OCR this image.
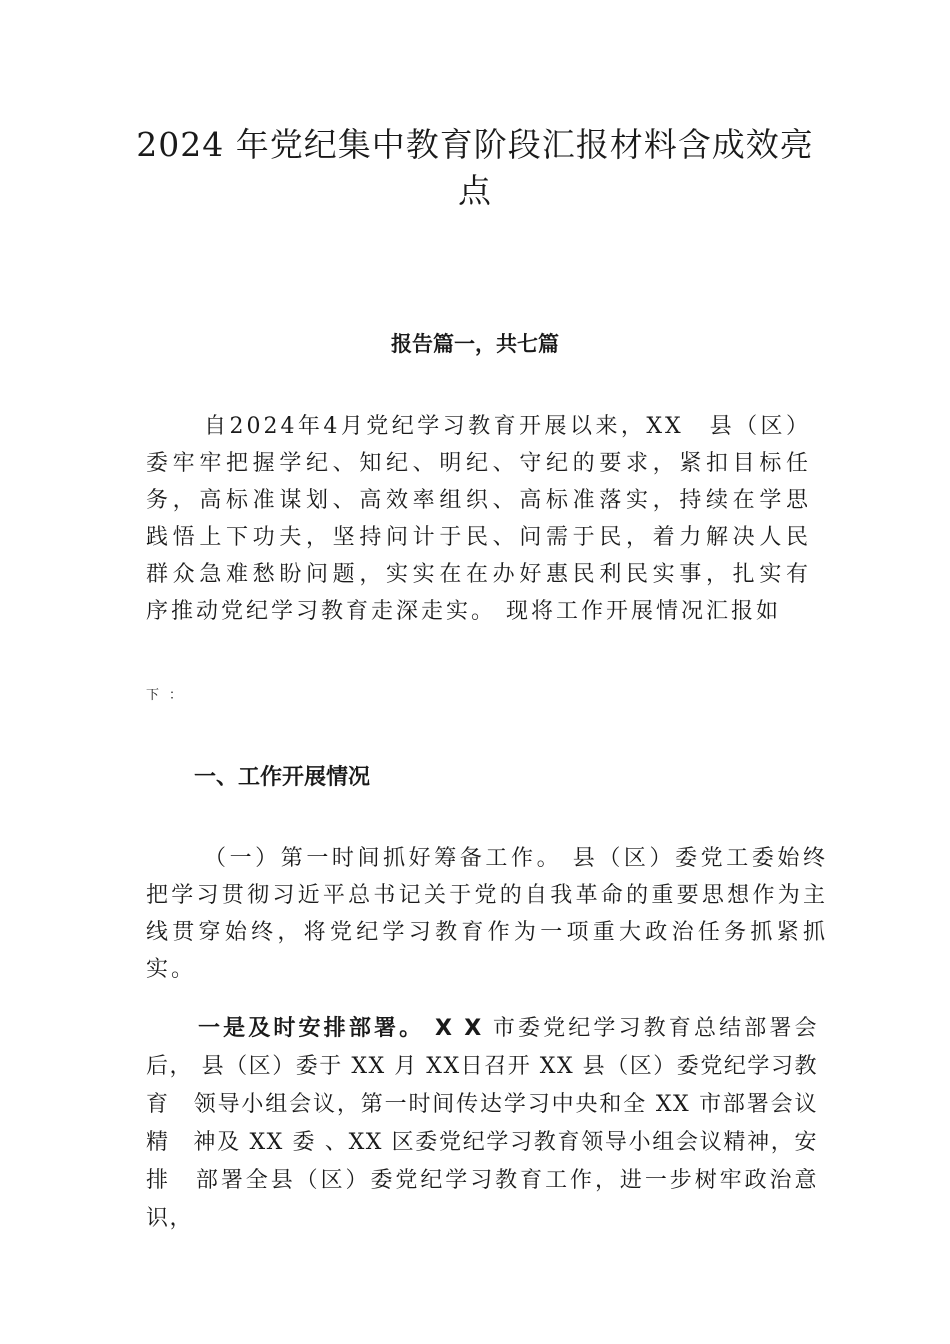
2024 年党纪集中教育阶段汇报材料含成效亮点
报告篇一，共七篇

自2024年4月党纪学习教育开展以来，XX　县（区）委牢牢把握学纪、知纪、明纪、守纪的要求，紧扣目标任　务，高标准谋划、高效率组织、高标准落实，持续在学思　践悟上下功夫，坚持问计于民、问需于民，着力解决人民　群众急难愁盼问题，实实在在办好惠民利民实事，扎实有　序推动党纪学习教育走深走实。 现将工作开展情况汇报如

下：
一、工作开展情况

（一）第一时间抓好筹备工作。 县（区）委党工委始终把学习贯彻习近平总书记关于党的自我革命的重要思想作为主线贯穿始终，将党纪学习教育作为一项重大政治任务抓紧抓实。

一是及时安排部署。 X X 市委党纪学习教育总结部署会后， 县（区）委于 XX 月 XX日召开 XX 县（区）委党纪学习教育　领导小组会议，第一时间传达学习中央和全 XX 市部署会议精　神及 XX 委 、XX 区委党纪学习教育领导小组会议精神，安排　部署全县（区）委党纪学习教育工作，进一步树牢政治意识，
